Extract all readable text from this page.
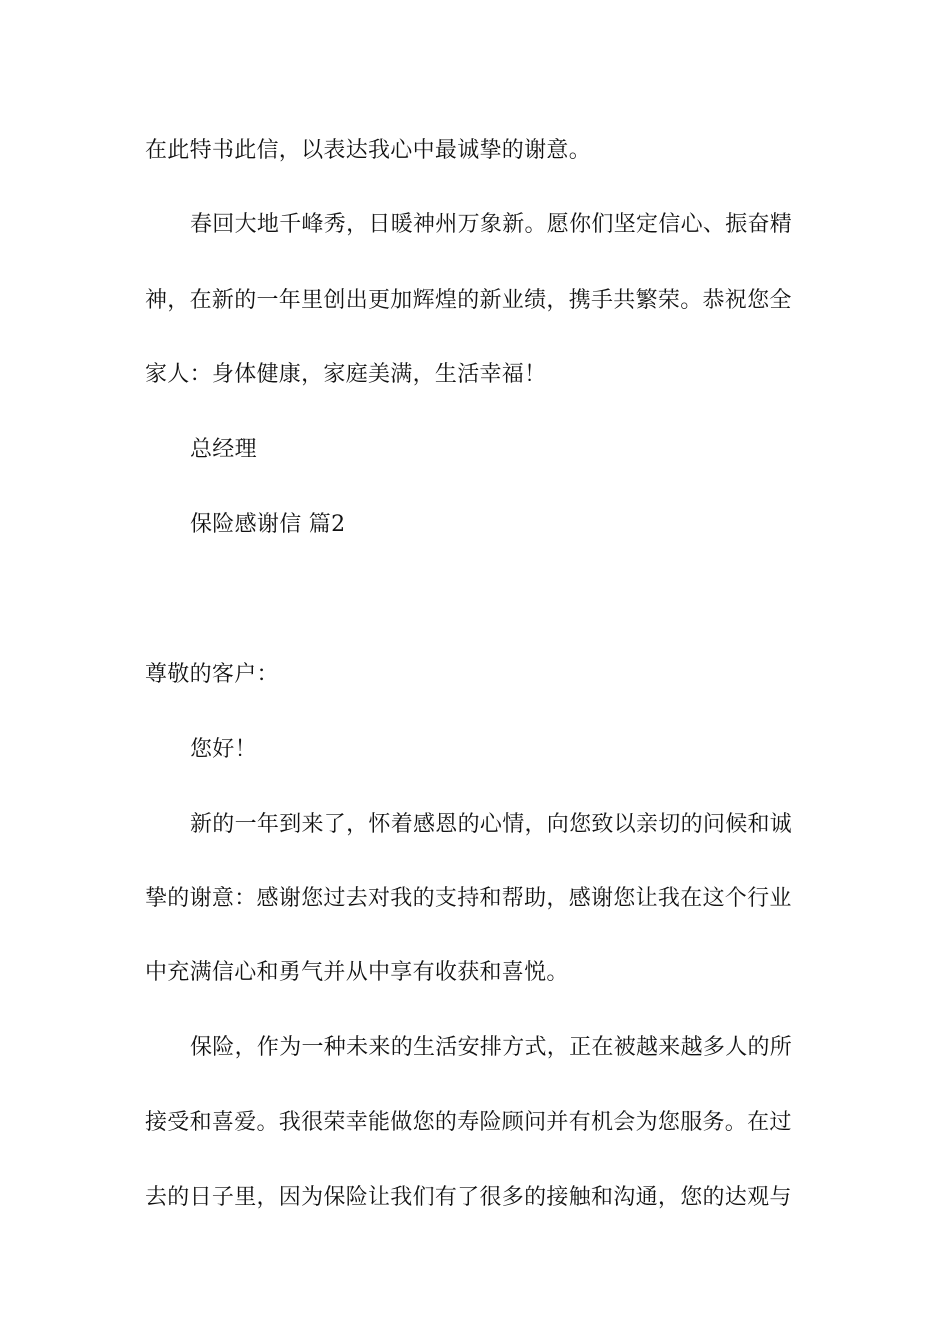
在此特书此信，以表达我心中最诚挚的谢意。
春回大地千峰秀，日暖神州万象新。愿你们坚定信心、振奋精
神，在新的一年里创出更加辉煌的新业绩，携手共繁荣。恭祝您全
家人：身体健康，家庭美满，生活幸福！
总经理
保险感谢信 篇2
尊敬的客户：
您好！
新的一年到来了，怀着感恩的心情，向您致以亲切的问候和诚
挚的谢意：感谢您过去对我的支持和帮助，感谢您让我在这个行业
中充满信心和勇气并从中享有收获和喜悦。
保险，作为一种未来的生活安排方式，正在被越来越多人的所
接受和喜爱。我很荣幸能做您的寿险顾问并有机会为您服务。在过
去的日子里，因为保险让我们有了很多的接触和沟通，您的达观与
